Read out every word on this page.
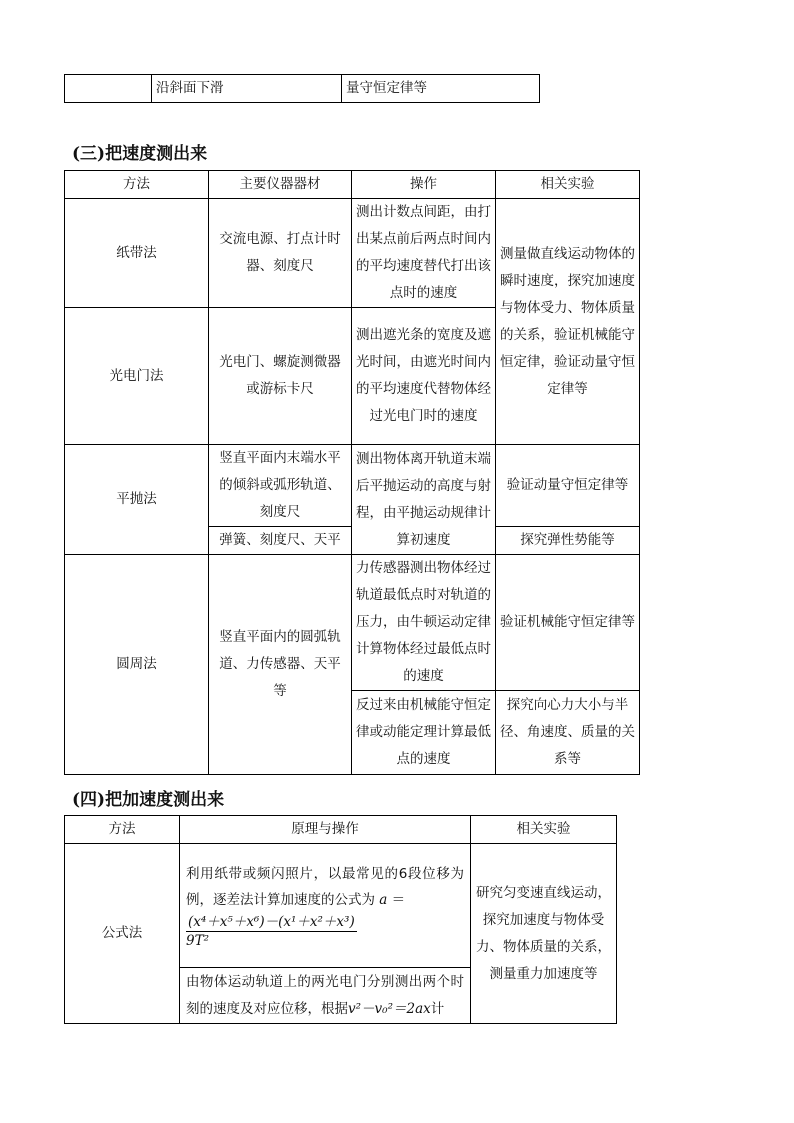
	沿斜面下滑	量守恒定律等
(三)把速度测出来
方法	主要仪器器材	操作	相关实验
纸带法	交流电源、打点计时器、刻度尺	测出计数点间距，由打出某点前后两点时间内的平均速度替代打出该点时的速度	测量做直线运动物体的瞬时速度，探究加速度与物体受力、物体质量的关系，验证机械能守恒定律，验证动量守恒定律等
光电门法	光电门、螺旋测微器或游标卡尺	测出遮光条的宽度及遮光时间，由遮光时间内的平均速度代替物体经过光电门时的速度	
平抛法	竖直平面内末端水平的倾斜或弧形轨道、刻度尺	测出物体离开轨道末端后平抛运动的高度与射程，由平抛运动规律计算初速度	验证动量守恒定律等
	弹簧、刻度尺、天平		探究弹性势能等
圆周法	竖直平面内的圆弧轨道、力传感器、天平等	力传感器测出物体经过轨道最低点时对轨道的压力，由牛顿运动定律计算物体经过最低点时的速度	验证机械能守恒定律等
		反过来由机械能守恒定律或动能定理计算最低点的速度	探究向心力大小与半径、角速度、质量的关系等
(四)把加速度测出来
方法	原理与操作	相关实验
公式法	利用纸带或频闪照片，以最常见的6段位移为例，逐差法计算加速度的公式为 a ＝

$\frac{\text{(x⁴＋x⁵＋x⁶)－(x¹＋x²＋x³)}}{\text{9T²}}$	研究匀变速直线运动，探究加速度与物体受力、物体质量的关系，测量重力加速度等
	由物体运动轨道上的两光电门分别测出两个时刻的速度及对应位移，根据v²－v₀²＝2ax计	
